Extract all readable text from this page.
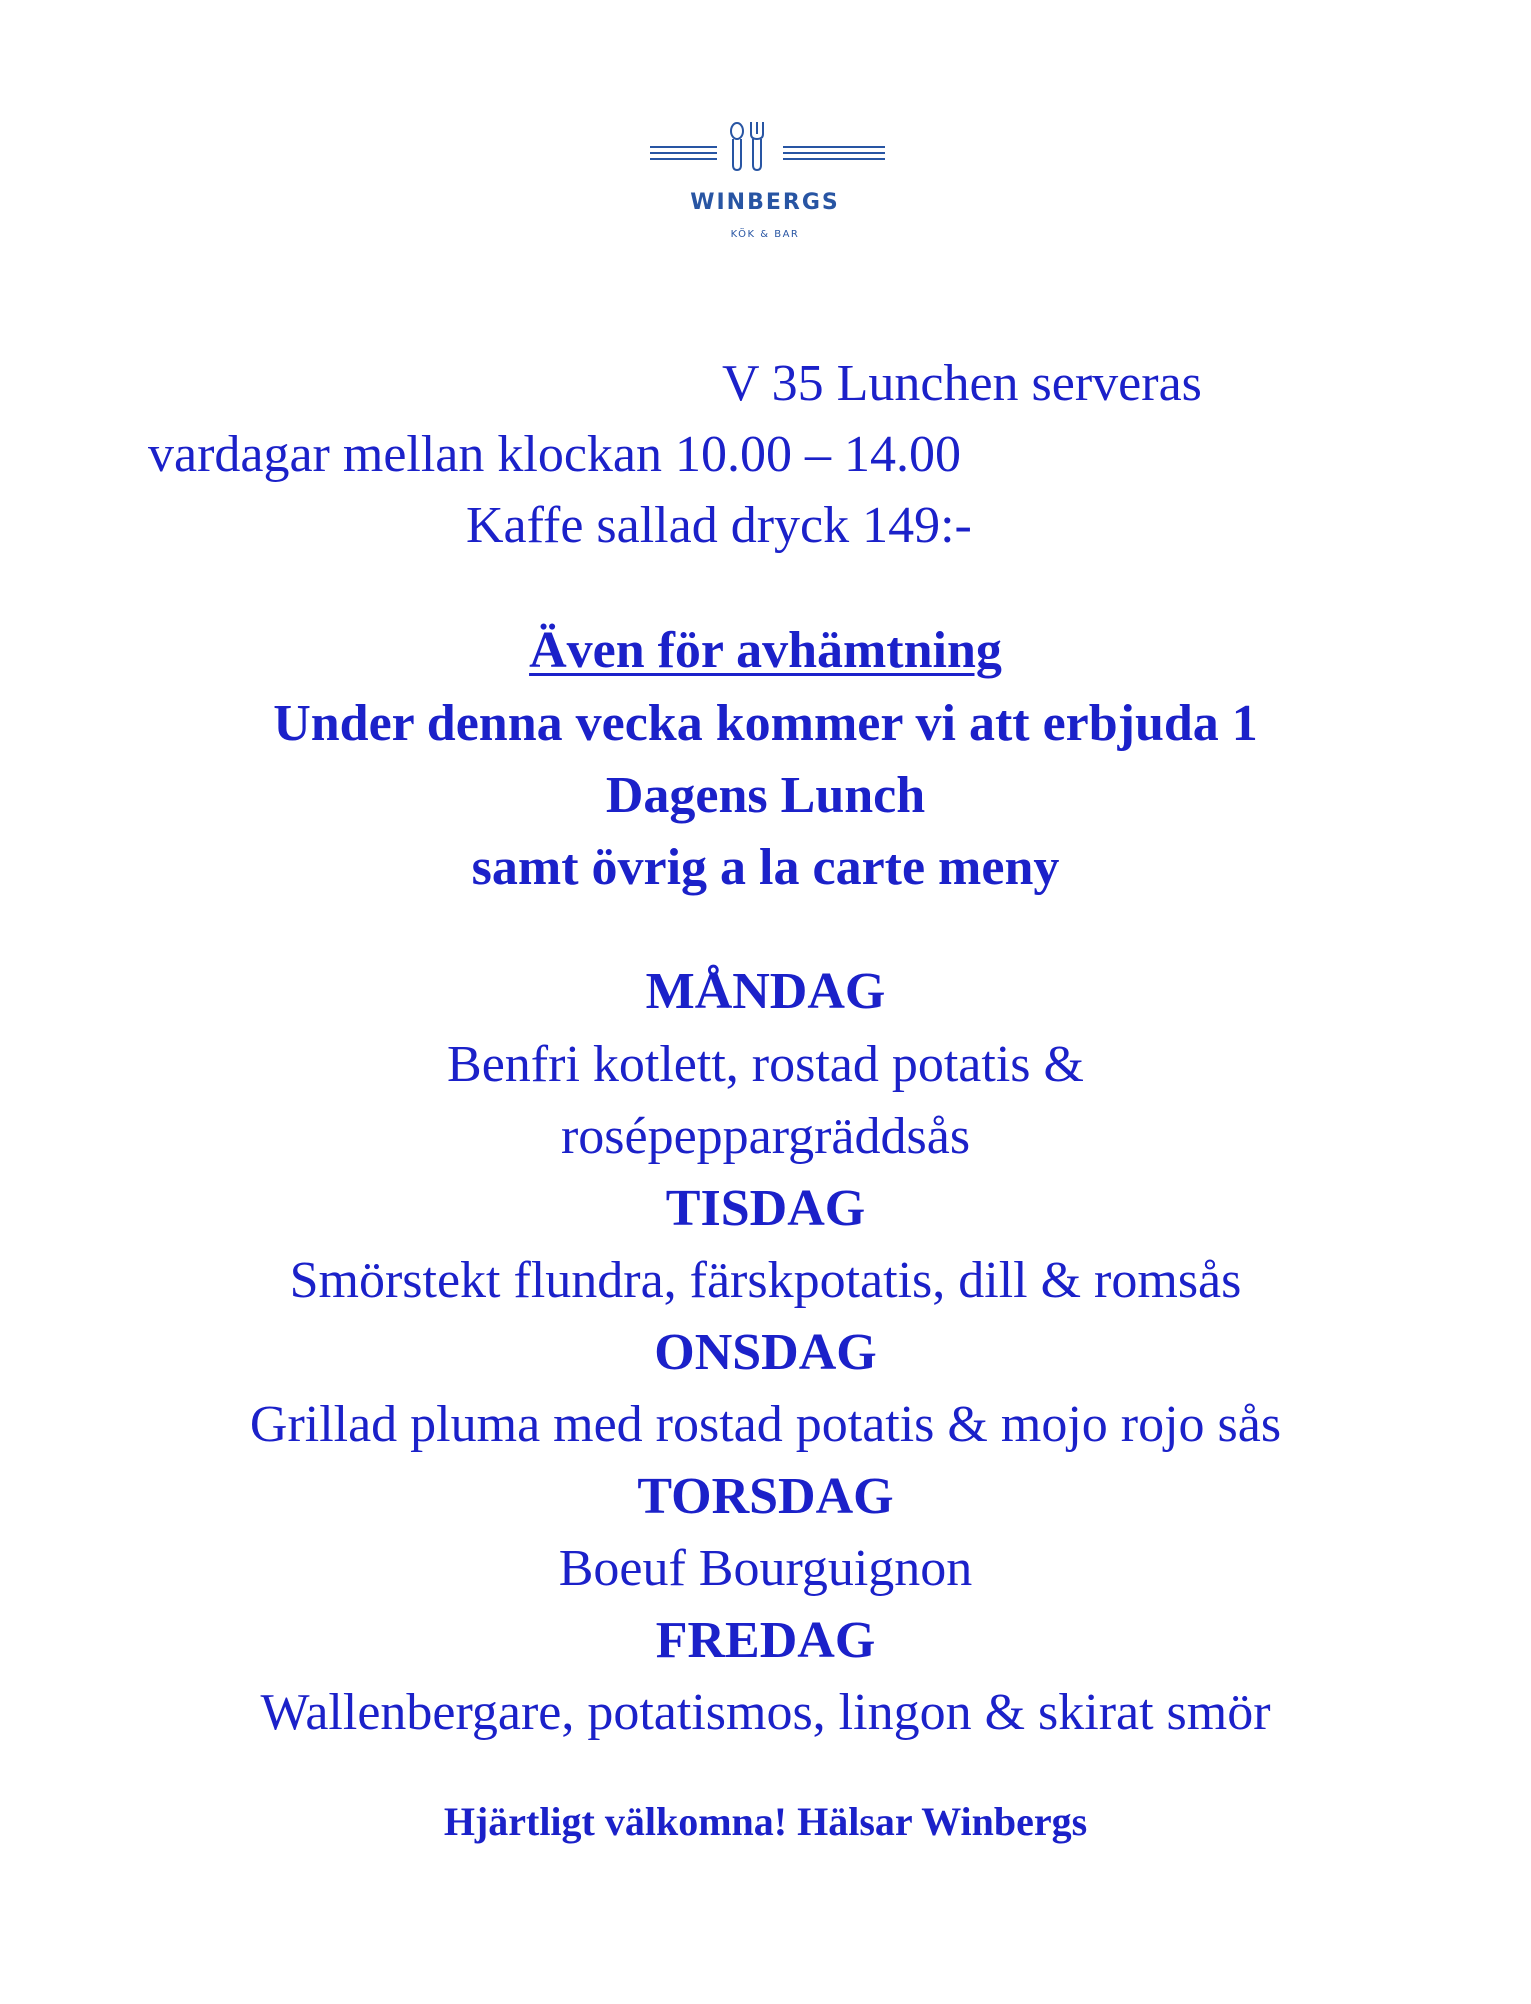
WINBERGS
KÖK & BAR
V 35 Lunchen serveras
vardagar mellan klockan 10.00 – 14.00
Kaffe sallad dryck 149:-
Även för avhämtning
Under denna vecka kommer vi att erbjuda 1
Dagens Lunch
samt övrig a la carte meny
MÅNDAG
Benfri kotlett, rostad potatis &
rosépeppargräddsås
TISDAG
Smörstekt flundra, färskpotatis, dill & romsås
ONSDAG
Grillad pluma med rostad potatis & mojo rojo sås
TORSDAG
Boeuf Bourguignon
FREDAG
Wallenbergare, potatismos, lingon & skirat smör
Hjärtligt välkomna! Hälsar Winbergs
